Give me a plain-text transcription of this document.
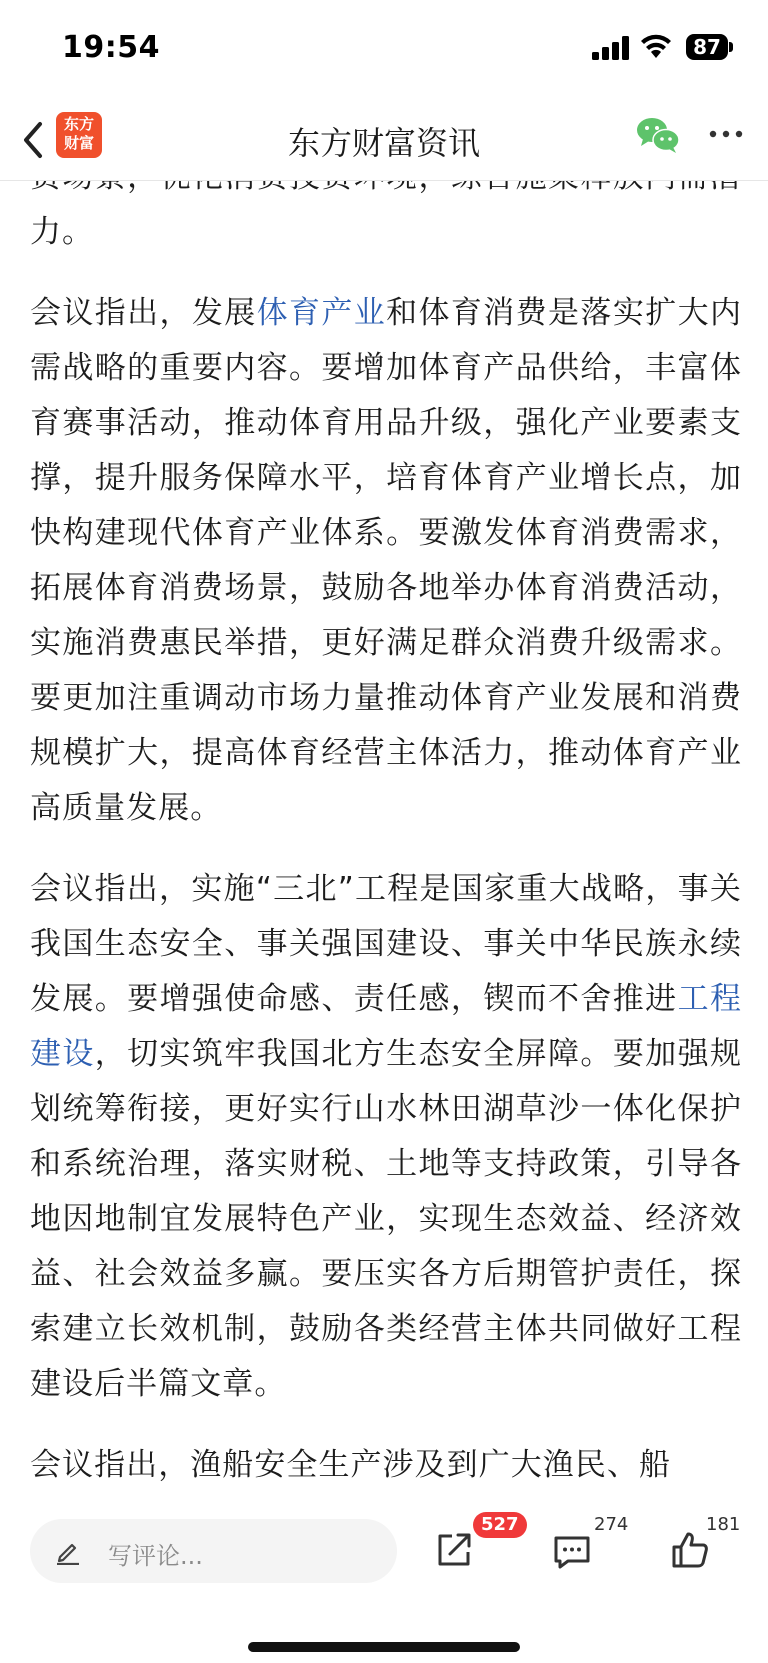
19:54	87
东方
财富	东方财富资讯

力。

会议指出，发展体育产业和体育消费是落实扩大内需战略的重要内容。要增加体育产品供给，丰富体育赛事活动，推动体育用品升级，强化产业要素支撑，提升服务保障水平，培育体育产业增长点，加快构建现代体育产业体系。要激发体育消费需求，拓展体育消费场景，鼓励各地举办体育消费活动，实施消费惠民举措，更好满足群众消费升级需求。要更加注重调动市场力量推动体育产业发展和消费规模扩大，提高体育经营主体活力，推动体育产业高质量发展。

会议指出，实施“三北”工程是国家重大战略，事关我国生态安全、事关强国建设、事关中华民族永续发展。要增强使命感、责任感，锲而不舍推进工程建设，切实筑牢我国北方生态安全屏障。要加强规划统筹衔接，更好实行山水林田湖草沙一体化保护和系统治理，落实财税、土地等支持政策，引导各地因地制宜发展特色产业，实现生态效益、经济效益、社会效益多赢。要压实各方后期管护责任，探索建立长效机制，鼓励各类经营主体共同做好工程建设后半篇文章。

会议指出，渔船安全生产涉及到广大渔民、船

写评论...
527	274	181
